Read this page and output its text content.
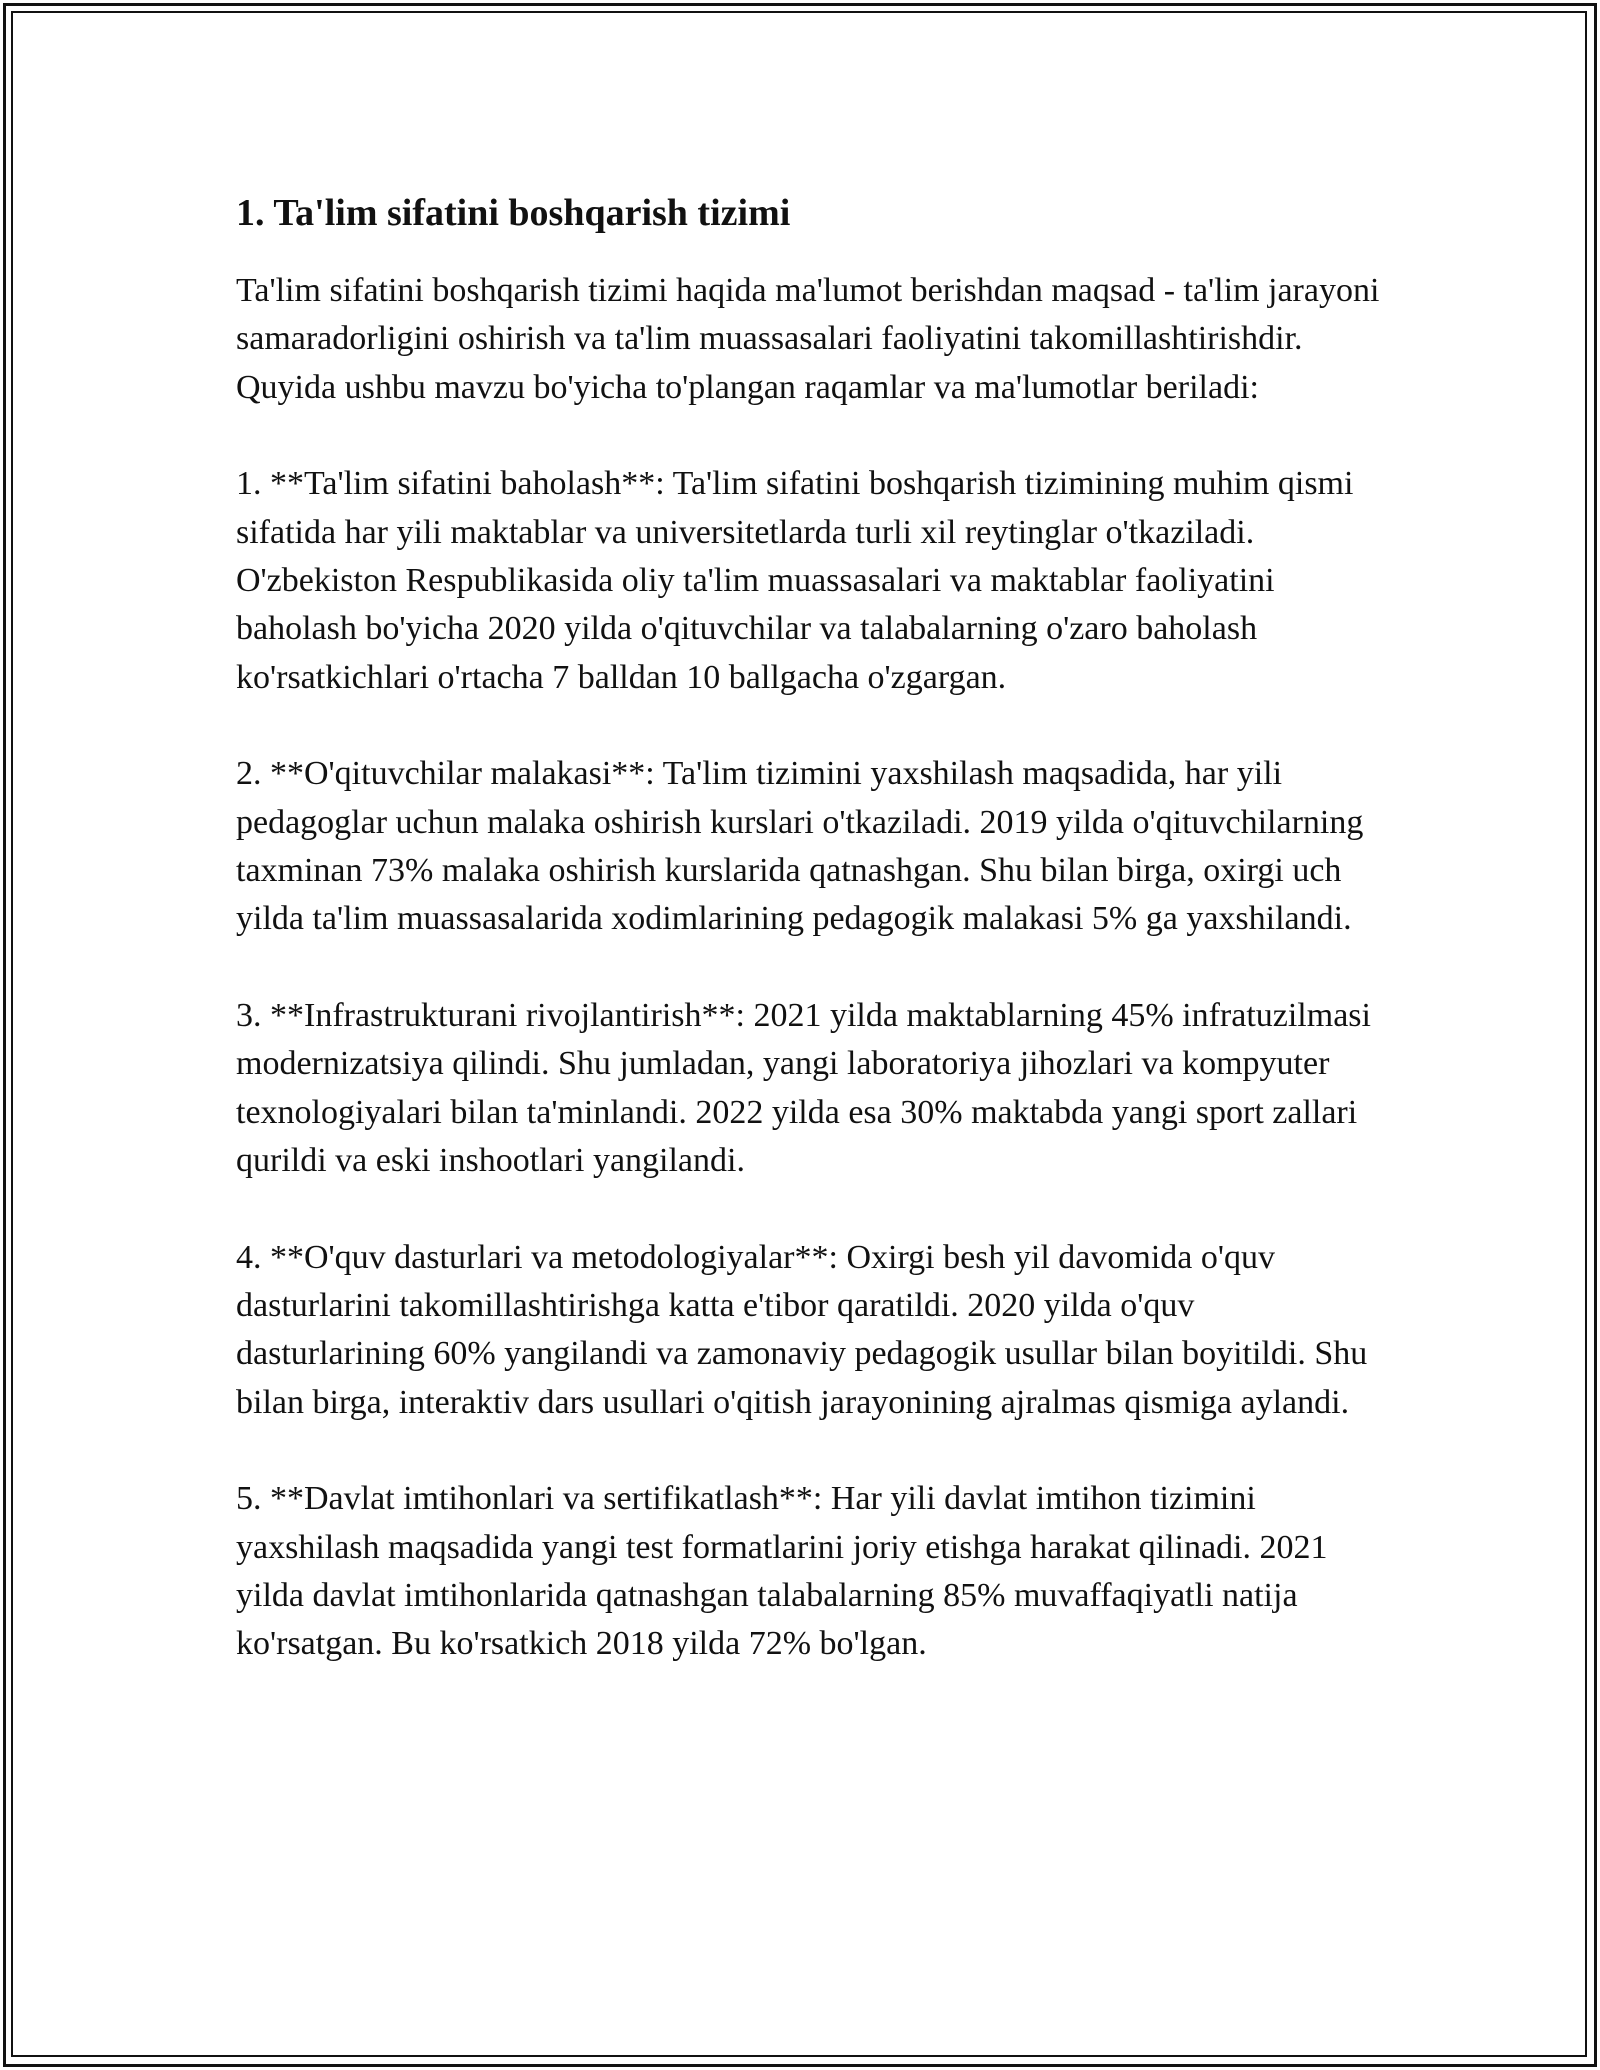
1. Ta'lim sifatini boshqarish tizimi

Ta'lim sifatini boshqarish tizimi haqida ma'lumot berishdan maqsad - ta'lim jarayoni samaradorligini oshirish va ta'lim muassasalari faoliyatini takomillashtirishdir. Quyida ushbu mavzu bo'yicha to'plangan raqamlar va ma'lumotlar beriladi:

1. **Ta'lim sifatini baholash**: Ta'lim sifatini boshqarish tizimining muhim qismi sifatida har yili maktablar va universitetlarda turli xil reytinglar o'tkaziladi. O'zbekiston Respublikasida oliy ta'lim muassasalari va maktablar faoliyatini baholash bo'yicha 2020 yilda o'qituvchilar va talabalarning o'zaro baholash ko'rsatkichlari o'rtacha 7 balldan 10 ballgacha o'zgargan.

2. **O'qituvchilar malakasi**: Ta'lim tizimini yaxshilash maqsadida, har yili pedagoglar uchun malaka oshirish kurslari o'tkaziladi. 2019 yilda o'qituvchilarning taxminan 73% malaka oshirish kurslarida qatnashgan. Shu bilan birga, oxirgi uch yilda ta'lim muassasalarida xodimlarining pedagogik malakasi 5% ga yaxshilandi.

3. **Infrastrukturani rivojlantirish**: 2021 yilda maktablarning 45% infratuzilmasi modernizatsiya qilindi. Shu jumladan, yangi laboratoriya jihozlari va kompyuter texnologiyalari bilan ta'minlandi. 2022 yilda esa 30% maktabda yangi sport zallari qurildi va eski inshootlari yangilandi.

4. **O'quv dasturlari va metodologiyalar**: Oxirgi besh yil davomida o'quv dasturlarini takomillashtirishga katta e'tibor qaratildi. 2020 yilda o'quv dasturlarining 60% yangilandi va zamonaviy pedagogik usullar bilan boyitildi. Shu bilan birga, interaktiv dars usullari o'qitish jarayonining ajralmas qismiga aylandi.

5. **Davlat imtihonlari va sertifikatlash**: Har yili davlat imtihon tizimini yaxshilash maqsadida yangi test formatlarini joriy etishga harakat qilinadi. 2021 yilda davlat imtihonlarida qatnashgan talabalarning 85% muvaffaqiyatli natija ko'rsatgan. Bu ko'rsatkich 2018 yilda 72% bo'lgan.
